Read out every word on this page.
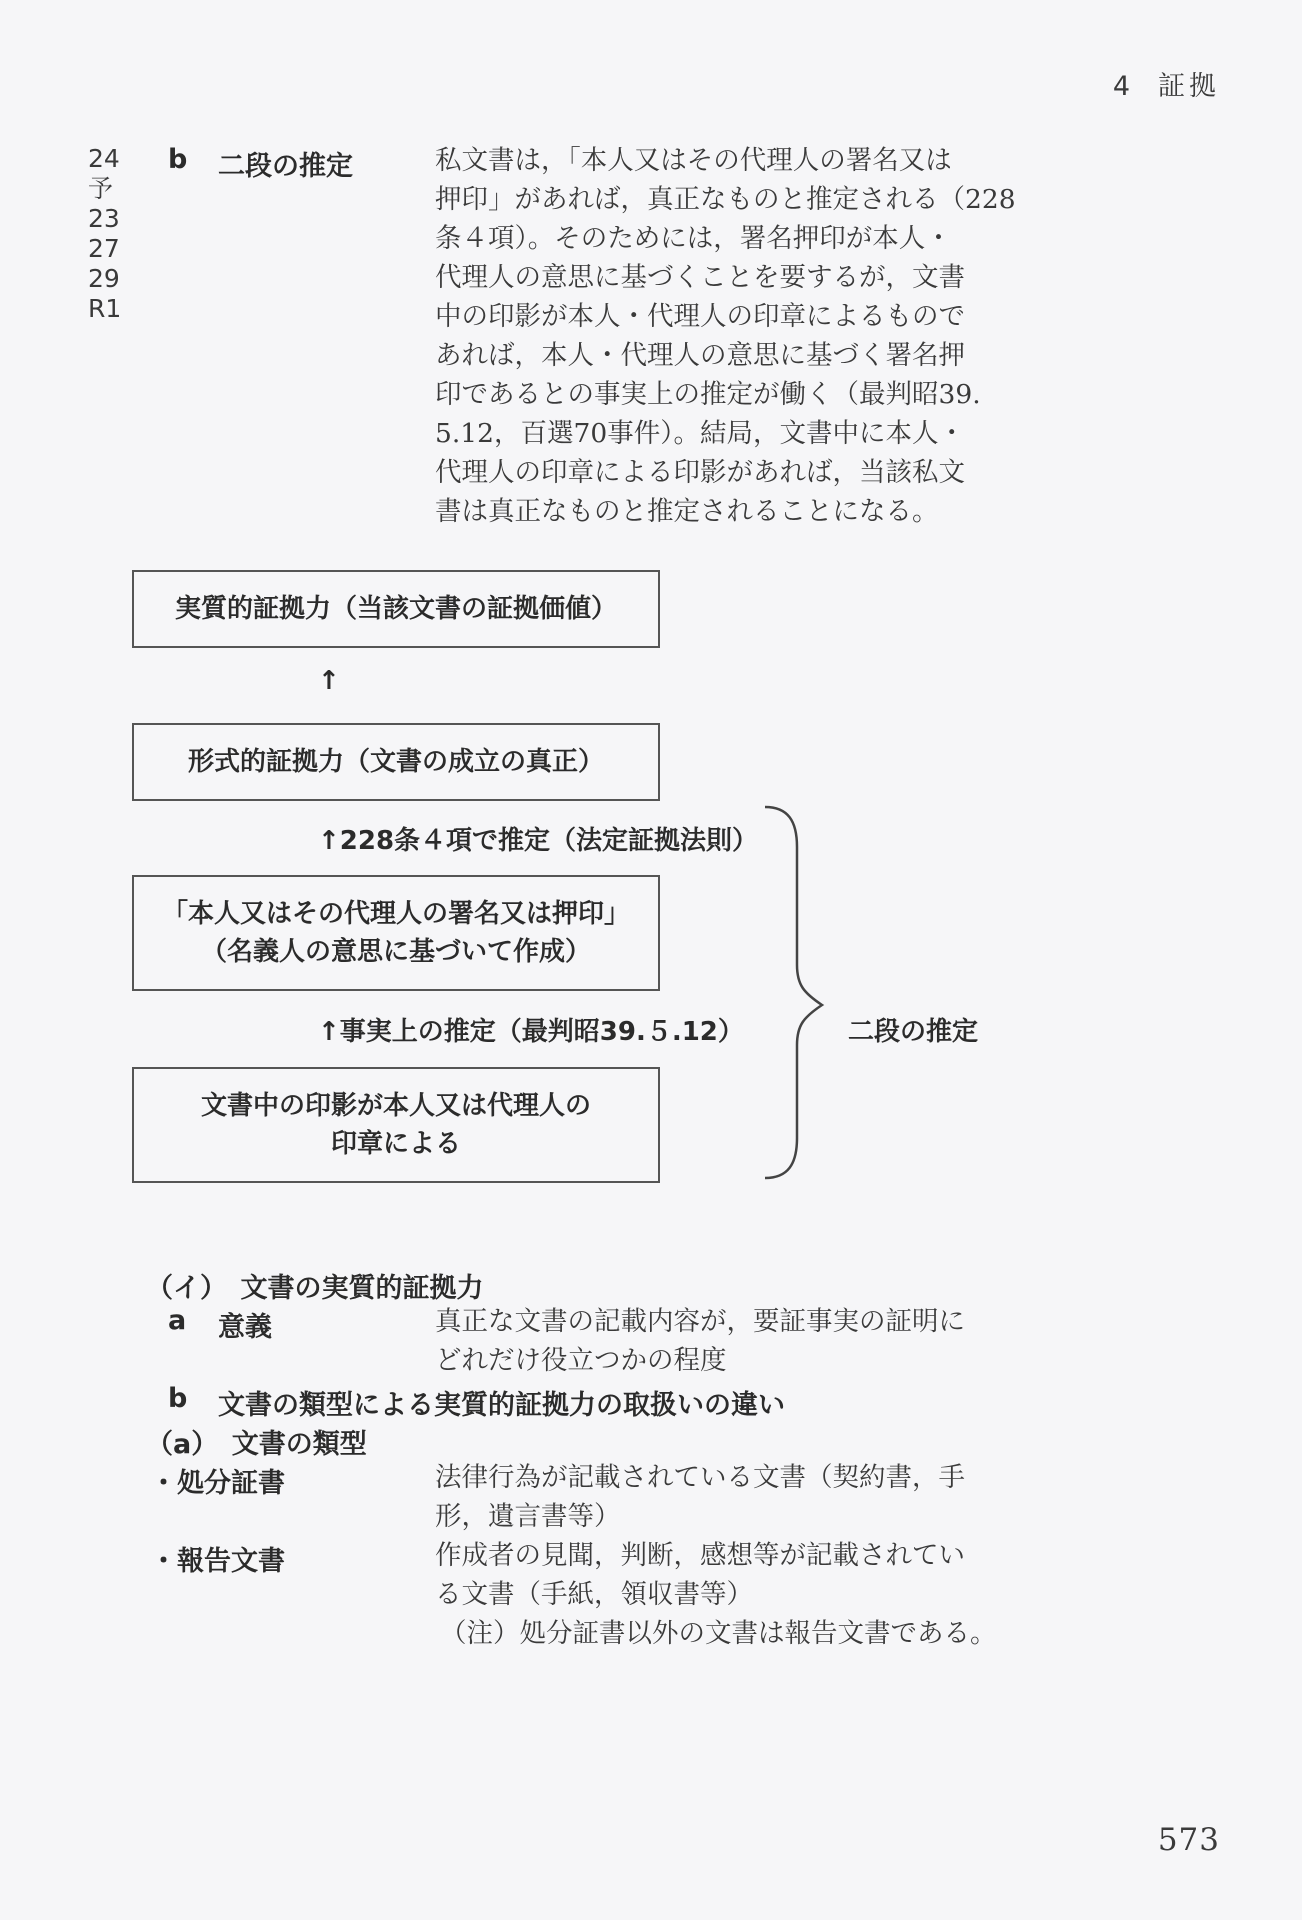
4 証拠
24
予
23
27
29
R1
b 二段の推定	私文書は，「本人又はその代理人の署名又は
押印」があれば，真正なものと推定される（228
条４項）。そのためには，署名押印が本人・
代理人の意思に基づくことを要するが，文書
中の印影が本人・代理人の印章によるもので
あれば，本人・代理人の意思に基づく署名押
印であるとの事実上の推定が働く（最判昭39.
5.12，百選70事件）。結局，文書中に本人・
代理人の印章による印影があれば，当該私文
書は真正なものと推定されることになる。
実質的証拠力（当該文書の証拠価値）
↑
形式的証拠力（文書の成立の真正）
↑228条４項で推定（法定証拠法則）
「本人又はその代理人の署名又は押印」
（名義人の意思に基づいて作成）
↑事実上の推定（最判昭39.５.12）
文書中の印影が本人又は代理人の
印章による
二段の推定
（イ）　文書の実質的証拠力
a 意義	真正な文書の記載内容が，要証事実の証明に
どれだけ役立つかの程度
b 文書の類型による実質的証拠力の取扱いの違い
（a）　文書の類型
・処分証書	法律行為が記載されている文書（契約書，手
形，遺言書等）
・報告文書	作成者の見聞，判断，感想等が記載されてい
る文書（手紙，領収書等）
（注）処分証書以外の文書は報告文書である。
573
